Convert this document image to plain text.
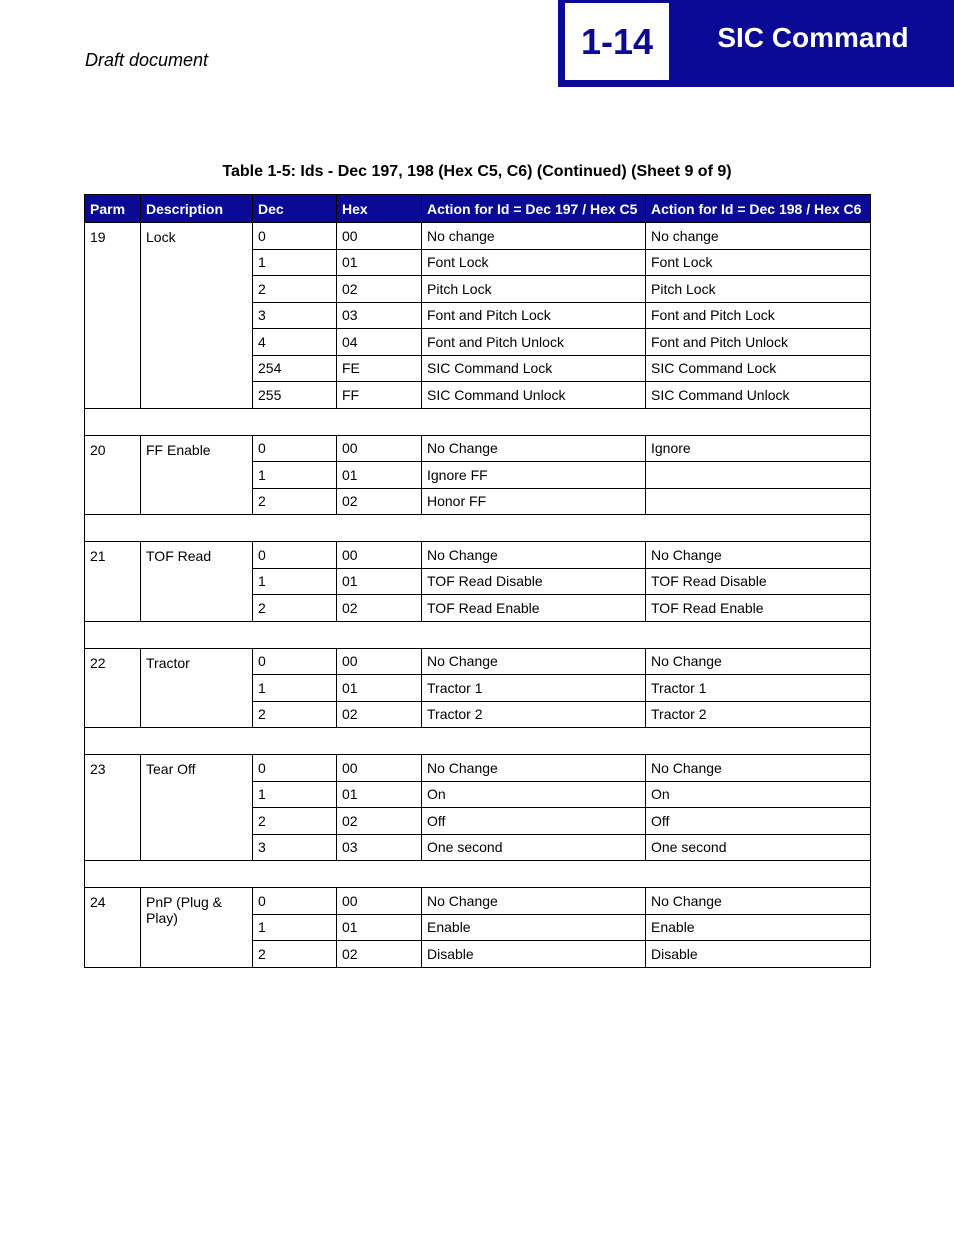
Draft document	1-14	SIC Command
Table 1-5: Ids - Dec 197, 198 (Hex C5, C6) (Continued) (Sheet 9 of 9)
Parm	Description	Dec	Hex	Action for Id = Dec 197 / Hex C5	Action for Id = Dec 198 / Hex C6
19	Lock	0	00	No change	No change
		1	01	Font Lock	Font Lock
		2	02	Pitch Lock	Pitch Lock
		3	03	Font and Pitch Lock	Font and Pitch Lock
		4	04	Font and Pitch Unlock	Font and Pitch Unlock
		254	FE	SIC Command Lock	SIC Command Lock
		255	FF	SIC Command Unlock	SIC Command Unlock

20	FF Enable	0	00	No Change	Ignore
		1	01	Ignore FF	
		2	02	Honor FF	

21	TOF Read	0	00	No Change	No Change
		1	01	TOF Read Disable	TOF Read Disable
		2	02	TOF Read Enable	TOF Read Enable

22	Tractor	0	00	No Change	No Change
		1	01	Tractor 1	Tractor 1
		2	02	Tractor 2	Tractor 2

23	Tear Off	0	00	No Change	No Change
		1	01	On	On
		2	02	Off	Off
		3	03	One second	One second

24	PnP (Plug & Play)	0	00	No Change	No Change
		1	01	Enable	Enable
		2	02	Disable	Disable
